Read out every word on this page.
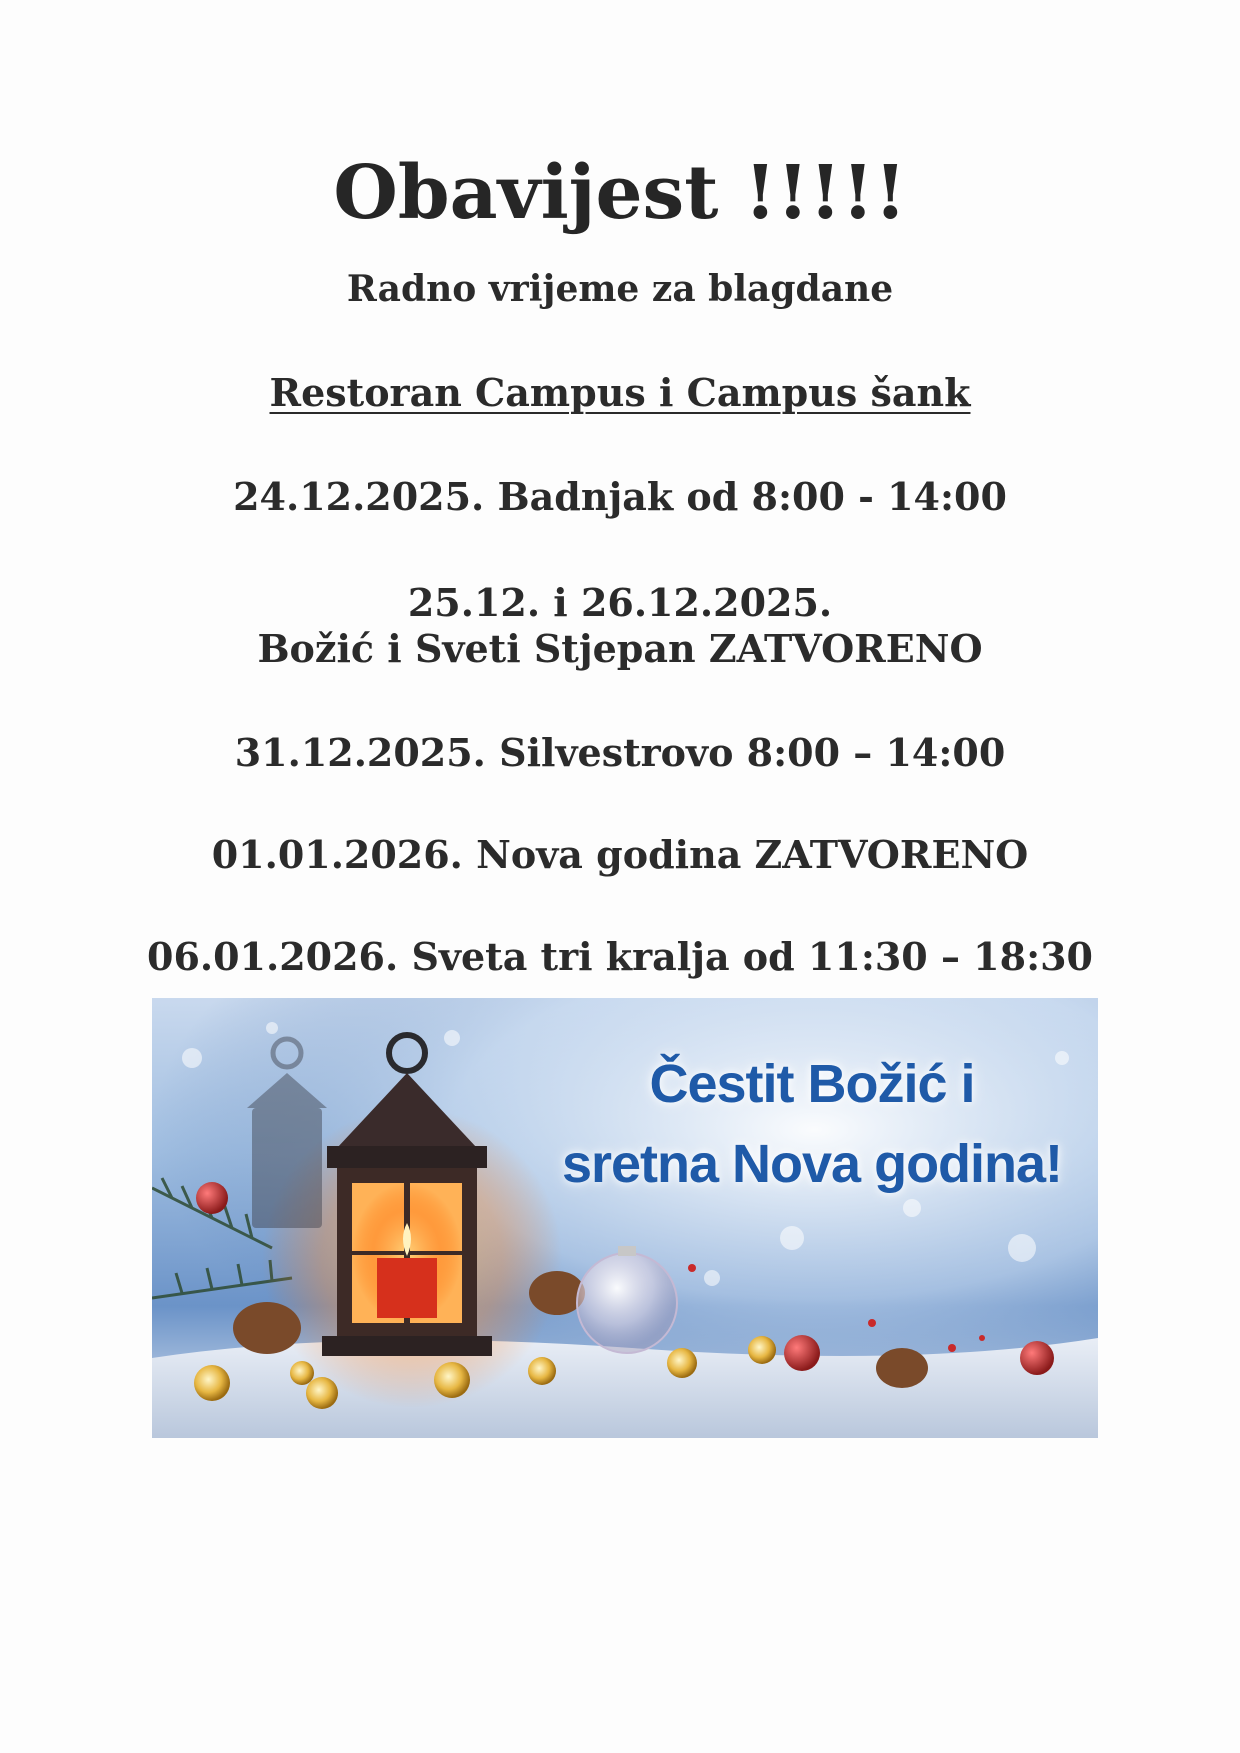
Obavijest !!!!!
Radno vrijeme za blagdane
Restoran Campus i Campus šank
24.12.2025. Badnjak od 8:00 - 14:00
25.12. i 26.12.2025.
Božić i Sveti Stjepan ZATVORENO
31.12.2025. Silvestrovo 8:00 – 14:00
01.01.2026. Nova godina ZATVORENO
06.01.2026. Sveta tri kralja od 11:30 – 18:30
Čestit Božić i
sretna Nova godina!
